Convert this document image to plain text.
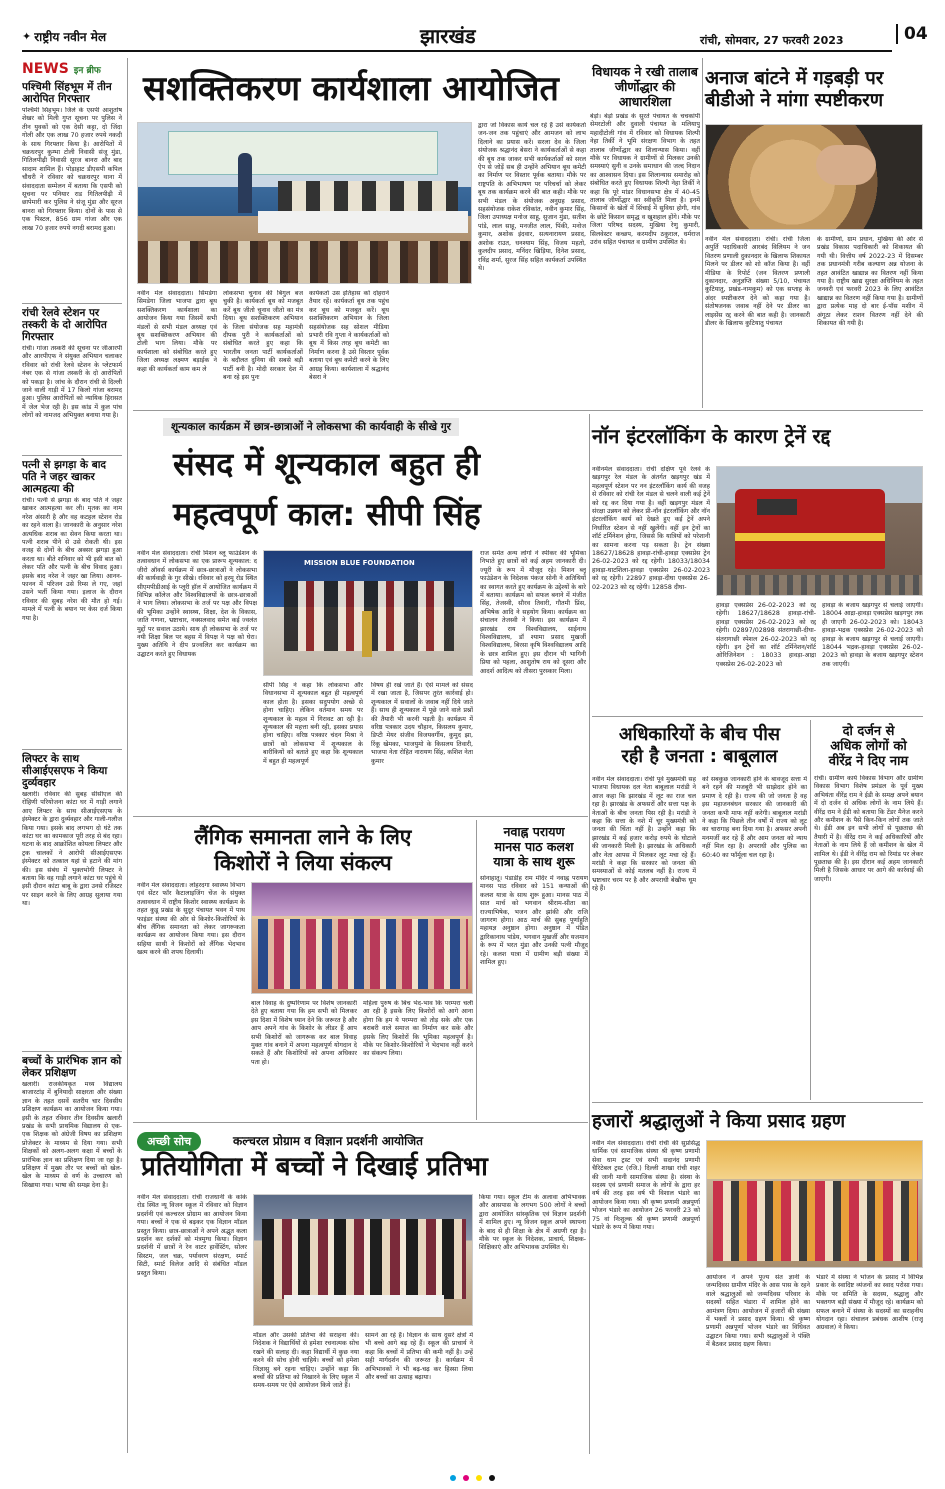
✦ राष्ट्रीय नवीन मेल	झारखंड	रांची, सोमवार, 27 फरवरी 2023	04
NEWS इन ब्रीफ
पश्चिमी सिंहभूम में तीन आरोपित गिरफ्तार
पश्चिमी सिंहभूम। जिले के एसपी आशुतोष शेखर को मिली गुप्त सूचना पर पुलिस ने तीन युवकों को एक देसी कट्टा, दो जिंदा गोली और एक लाख 70 हजार रुपये नकदी के साथ गिरफ्तार किया है। आरोपितों में चक्रधरपुर कुम्भा टोली निवासी संजू मुंडा, गितिलपीढ़ी निवासी सूरज बानरा और बाद सादाम शामिल हैं। पोड़ाहाट डीएसपी कपिल चौधरी ने रविवार को चक्रधरपुर थाना में संवाददाता सम्मेलन में बताया कि एसपी को सूचना पर पनियार राड गितिलपीढ़ी में छापेमारी कर पुलिस ने संजू मुंडा और सूरज बानरा को गिरफ्तार किया। दोनों के पास से एक पिस्टल, 856 ग्राम गांजा और एक लाख 70 हजार रुपये नगदी बरामद हुआ।
रांची रेलवे स्टेशन पर तस्करी के दो आरोपित गिरफ्तार
रांची। गांजा तस्करी की सूचना पर जीआरपी और आरपीएफ ने संयुक्त अभियान चलाकर रविवार को रांची रेलवे स्टेशन के प्लेटफार्म नंबर एक से गांजा तस्करी के दो आरोपितों को पकड़ा है। जांच के दौरान रांची से दिल्ली जाने वाली गाड़ी में 17 किलो गांजा बरामद हुआ। पुलिस आरोपितों को न्यायिक हिरासत में जेल भेज रही है। इस कांड में कुल पांच लोगों को नामजद अभियुक्त बनाया गया है।
पत्नी से झगड़ा के बाद पति ने जहर खाकर आत्महत्या की
रांची। पत्नी से झगड़ा के बाद पति ने जहर खाकर आत्महत्या कर ली। मृतक का नाम नरेश अंसारी है और वह कटहल स्टेशन रोड का रहने वाला है। जानकारी के अनुसार नरेश अत्यधिक शराब का सेवन किया करता था। पत्नी शराब पीने से उसे रोकती थी। इस वजह से दोनों के बीच अक्सर झगड़ा हुआ करता था। बीते शनिवार को भी इसी बात को लेकर पति और पत्नी के बीच विवाद हुआ। इसके बाद नरेश ने जहर खा लिया। आनन-फानन में परिजन उसे रिम्स ले गए, जहां उसने भर्ती किया गया। इलाज के दौरान रविवार की सुबह नरेश की मौत हो गई। मामले में पत्नी के बयान पर केस दर्ज किया गया है।
लिफ्टर के साथ सीआईएसएफ ने किया दुर्व्यवहार
खलारी। रविवार की सुबह सीसीएल की रोहिणी परियोजना कांटा घर में गाड़ी लगाने आए लिफ्टर के साथ सीआईएसएफ के इंस्पेक्टर के द्वारा दुर्व्यवहार और गाली-गलौज किया गया। इसके बाद लगभग दो घंटे तक कांटा घर का कामकाज पूरी तरह से बंद रहा। घटना के बाद आक्रोशित कोयला लिफ्टर और ट्रक चालकों ने आरोपी सीआईएसएफ इंस्पेक्टर को तत्काल यहां से हटाने की मांग की। इस संबंध में भुक्तभोगी लिफ्टर ने बताया कि वह गाड़ी लगाने कांटा घर पहुंचे थे इसी दौरान कांटा बाबू के द्वारा उनसे रजिस्टर पर साइन करने के लिए आग्रह सुलाया गया था।
बच्चों के प्रारंभिक ज्ञान को लेकर प्रशिक्षण
खलारी। राजकीयकृत मध्य विद्यालय बाजारटांड़ में बुनियादी साक्षरता और संख्या ज्ञान के तहत दसवें सतरीय चार दिवसीय प्रशिक्षण कार्यक्रम का आयोजन किया गया। इसी के तहत रविवार तीन दिवसीय खलारी प्रखंड के सभी प्राथमिक विद्यालय से एक-एक शिक्षक को अंग्रेजी विषय का प्रशिक्षण प्रोजेक्टर के माध्यम से दिया गया। सभी शिक्षकों को अलग-अलग कक्षा में बच्चों के प्रारंभिक ज्ञान का प्रशिक्षण दिया जा रहा है। प्रशिक्षण में मुख्य तौर पर बच्चों को खेल-खेल के माध्यम से वर्ण के उच्चारण को सिखाया गया। भाषा की समझ देना है।
सशक्तिकरण कार्यशाला आयोजित
नवीन मेल संवाददाता। सिमडेगा सिमडेगा जिला भाजपा द्वारा बूथ सशक्तिकरण कार्यशाला का आयोजन किया गया जिसमें सभी मंडलों से सभी मंडल अध्यक्ष एवं बूथ सशक्तिकरण अभियान की टोली भाग लिया। मौके पर कार्यशाला को संबोधित करते हुए जिला अध्यक्ष लक्ष्मण बड़ाईक ने कहा की कार्यकर्ता काम कम ले
लोकसभा चुनाव की बिगुल बज चुकी है। कार्यकर्ता बूथ को मजबूत करें बूथ जीतो चुनाव जीतो का मंत्र दिया। बूथ सशक्तिकरण अभियान के जिला संयोजक सह महामंत्री दीपक पुरी ने कार्यकर्ताओं को संबोधित करते हुए कहा कि भारतीय जनता पार्टी कार्यकर्ताओं के बदौलत दुनिया की सबसे बड़ी पार्टी बनी है। मोदी सरकार देश में बना रहे इस पुनः
कार्यकर्ता उस इतिहास को दोहराने तैयार रहें। कार्यकर्ता बूथ तक पहुंच कर बूथ को मजबूत करें। बूथ सशक्तिकरण अभियान के जिला सहसंयोजक सह सोशल मीडिया प्रभारी रवि गुप्ता ने कार्यकर्ताओं को बूथ में किस तरह बूथ कमेटी का निर्माण करना है उसे विस्तार पूर्वक बताया एवं बूथ कमेटी करने के लिए आग्रह किया। कार्यशाला में श्रद्धानंद बेसरा ने
द्वारा जो विकास कार्य चल रहे हैं उसे कार्यकर्ता जन-जन तक पहुंचाएं और आमजन को लाभ दिलाने का प्रयास करें। सरला देव के जिला संयोजक श्रद्धानंद बेसरा ने कार्यकर्ताओं से कहा की बूथ तक जाकर सभी कार्यकर्ताओं को सरल ऐप से जोड़ें सब ही उन्होंने अभियान बूथ कमेटी का निर्माण पर विस्तार पूर्वक बताया। मौके पर राष्ट्रपति के अभिभाषण पर परिचर्चा को लेकर बूथ तक कार्यक्रम करने की बात कही। मौके पर सभी मंडल के संयोजक अनुग्रह प्रसाद, सहसंयोजक राकेश रविकांत, नवीन कुमार सिंह, जिला उपाध्यक्ष मनोज साहू, सुजान मुंडा, सतीश पांडे, लाल साहू, मनजीत लाल, पिंकी, मनोज कुमार, अशोक इंदवार, सत्यनारायण प्रसाद, अशोक राउत, धनश्याम सिंह, विजय महतो, कुलदीप प्रसाद, मनिंदर खिड़िया, दिनेश प्रसाद, रविंद्र शर्मा, सुरज सिंह सहित कार्यकर्ता उपस्थित थे।
विधायक ने रखी तालाब जीर्णोद्धार की आधारशिला
बेड़ो। बेड़ो प्रखंड के सुरते पंचायत के चचकांपी सेमरटोली और दुवाली पंचायत के मलियापु महादीटोली गांव में रविवार को विधायक शिल्पी नेहा तिर्की ने भूमि संरक्षण विभाग के तहत तालाब जीर्णोद्धार का शिलान्यास किया। वहीं मौके पर विधायक ने ग्रामीणों से मिलकर उनकी समस्याएं सुनी व उनके समाधान की जल्द निदान का आश्वासन दिया। इस शिलान्यास समारोह को संबोधित करते हुए विधायक शिल्पी नेहा तिर्की ने कहा कि पूरे मांडर विधानसभा क्षेत्र में 40-45 तालाब जीर्णोद्धार का स्वीकृति मिला है। इनमें किसानों के खेतों में सिंचाई में सुविधा होगी, गांव के छोटे किसान समृद्ध व खुशहाल होंगे। मौके पर जिला परिषद सदस्य, मुखिया रेणु कुमारी, सिलवेस्टर कच्छप, करमदीप ठकुराल, धर्मराज उरांव सहित पंचायत व ग्रामीण उपस्थित थे।
अनाज बांटने में गड़बड़ी पर
बीडीओ ने मांगा स्पष्टीकरण
नवीन मेल संवाददाता। रांची। रांची जिला अपुर्ति पदाधिकारी आरबंद विलियम ने जन वितरण प्रणाली दुकानदार के खिलाफ शिकायत मिलने पर डीलर को शो कॉज किया है। वहीं मीडिया के रिपोर्ट (जन वितरण प्रणाली दुकानदार, अनुज्ञप्ति संख्या 5/10, पंचायत कुटियातु, प्रखंड-नामकुम) को एक सप्ताह के अंदर स्पष्टीकरण देने को कहा गया है। संतोषजनक जवाब नहीं देने पर डीलर का लाइसेंस रद्द करने की बात कही है। जानकारी डीलर के खिलाफ कुटियातु पंचायत
के ग्रामीणों, ग्राम प्रधान, मुखिया की ओर से प्रखंड विकास पदाधिकारी को शिकायत की गयी थी। वित्तीय वर्ष 2022-23 में दिसम्बर तक प्रधानमंत्री गरीब कल्याण अन्न योजना के तहत आवंटित खाद्यान्न का वितरण नहीं किया गया है। राष्ट्रीय खाद्य सुरक्षा अधिनियम के तहत जनवरी एवं फरवरी 2023 के लिए आवंटित खाद्यान्न का वितरण नहीं किया गया है। ग्रामीणों द्वारा प्रत्येक माह दो बार ई-पॉस मशीन में अंगूठा लेकर राशन वितरण नहीं देने की शिकायत की गयी है।
शून्यकाल कार्यक्रम में छात्र-छात्राओं ने लोकसभा की कार्यवाही के सीखे गुर
संसद में शून्यकाल बहुत ही
महत्वपूर्ण काल: सीपी सिंह
नवीन मेल संवाददाता। रांची मिशन ब्लू फाउंडेशन के तत्वावधान में लोकसभा का एक प्रारूप शून्यकाल: द जीरो ऑवर्स कार्यक्रम में छात्र-छात्राओं ने लोकसभा की कार्यवाही के गुर सीखे। रविवार को हरमू रोड स्थित सीएमपीडीआई के प्लूरी हॉल में आयोजित कार्यक्रम में विभिन्न कॉलेज और विश्वविद्यालयों के छात्र-छात्राओं ने भाग लिया। लोकसभा के तर्ज पर पक्ष और विपक्ष की भूमिका उन्होंने स्वास्थ्य, शिक्षा, देश के विकास, जाति गणना, भ्रष्टाचार, नक्सलवाद समेत कई ज्वलंत मुद्दों पर सवाल उठाये। साथ ही लोकसभा के तर्ज पर नयी शिक्षा बिल पर बहस में विपक्ष ने पक्ष को घेरा। मुख्य अतिथि ने दीप प्रज्वलित कर कार्यक्रम का उद्घाटन करते हुए विधायक
MISSION BLUE FOUNDATION
सीपी सिंह ने कहा कि लोकसभा और विधानसभा में शून्यकाल बहुत ही महत्वपूर्ण काल होता है। इसका सदुपयोग अच्छे से होना चाहिए। लेकिन वर्तमान समय पर शून्यकाल के महत्व में गिरावट आ रही है। शून्यकाल की महत्ता बनी रही, इसका प्रयास होना चाहिए। वरिष्ठ पत्रकार चंदन मिश्रा ने छात्रों को लोकसभा में शून्यकाल के बारीकियों को बताते हुए कहा कि शून्यकाल में बहुत ही महत्वपूर्ण
विषय ही रखे जाते हैं। ऐसे मामले को संसद में रखा जाता है, जिसपर तुरंत कार्रवाई हो। शून्यकाल में सवालों के जवाब नहीं दिये जाते हैं। साथ ही शून्यकाल में पूछे जाने वाले प्रश्नों की तैयारी भी करनी पड़ती है। कार्यक्रम में वरिष्ठ पत्रकार उदय चौहान, किसलय कुमार, डिप्टी मेयर संजीव विजयवर्गीय, कुमुद झा, रिंकू खेमका, भाजयुमो के किसलय तिवारी, भाजपा नेता रोहित नारायण सिंह, कशिश नेता कुमार
राज समेत अन्य लोगों ने स्पीकर की भूमिका निभाते हुए छात्रों को कई अहम जानकारी दी। ज्यूरी के रूप में मौजूद रहे। मिशन ब्लू फाउंडेशन के निदेशक पंकज सोनी ने अतिथियों का स्वागत करते हुए कार्यक्रम के उद्देश्यों के बारे में बताया। कार्यक्रम को सफल बनाने में मंजीत सिंह, तेजस्वी, सौरव तिवारी, गौतमी प्रिंस, अभिषेक आदि ने सहयोग किया। कार्यक्रम का संचालन तेजस्वी ने किया। इस कार्यक्रम में झारखंड राय विश्वविद्यालय, साईनाथ विश्वविद्यालय, डॉ श्यामा प्रसाद मुखर्जी विश्वविद्यालय, बिरसा कृषि विश्वविद्यालय आदि के छात्र शामिल हुए। इस दौरान भी भागिनी प्रिया को पहला, आशुतोष राय को दूसरा और आदर्श आदित्य को तीसरा पुरस्कार मिला।
नॉन इंटरलॉकिंग के कारण ट्रेनें रद्द
नवीनमेल संवाददाता। रांची दक्षिण पूर्व रेलवे के खड़गपुर रेल मंडल के अंतर्गत खड़गपुर खंड में महत्वपूर्ण स्टेशन पर नन इंटरलॉकिंग कार्य की वजह से रविवार को रांची रेल मंडल से चलने वाली कई ट्रेनें को रद्द कर दिया गया है। वहीं खड़गपुर मंडल में संरक्षा उन्नयन को लेकर प्री-नॉन इंटरलॉकिंग और नॉन इंटरलॉकिंग कार्य को देखते हुए कई ट्रेनें अपने निर्धारित स्टेशन से नहीं खुलेंगी। वहीं इन ट्रेनों का शॉर्ट टर्मिनेशन होगा, जिससे कि यात्रियों को परेशानी का सामना करना पड़ सकता है। ट्रेन संख्या 18627/18628 हावड़ा-रांची-हावड़ा एक्सप्रेस ट्रेन 26-02-2023 को रद्द रहेगी। 18033/18034 हावड़ा-घाटशिला-हावड़ा एक्सप्रेस 26-02-2023 को रद्द रहेगी। 22897 हावड़ा-दीघा एक्सप्रेस 26-02-2023 को रद्द रहेगी। 12858 दीघा-
हावड़ा एक्सप्रेस 26-02-2023 को रद्द रहेगी। 18627/18628 हावड़ा-रांची-हावड़ा एक्सप्रेस 26-02-2023 को रद्द रहेगी। 02897/02898 संतरागाछी-दीघा-संतरागाछी स्पेशल 26-02-2023 को रद्द रहेगी। इन ट्रेनों का शॉर्ट टर्मिनेशन/शॉर्ट ओरिजिनेशन : 18033 हावड़ा-आद्रा एक्सप्रेस 26-02-2023 को
हावड़ा के बजाय खड़गपुर से चलाई जाएगी। 18004 आद्रा-हावड़ा एक्सप्रेस खड़गपुर तक ही जाएगी 26-02-2023 को। 18043 हावड़ा-भद्रक एक्सप्रेस 26-02-2023 को हावड़ा के बजाय खड़गपुर से चलाई जाएगी। 18044 भद्रक-हावड़ा एक्सप्रेस 26-02-2023 को हावड़ा के बजाय खड़गपुर स्टेशन तक जाएगी।
अधिकारियों के बीच पीस
रही है जनता : बाबूलाल
नवीन मेल संवाददाता। रांची पूर्व मुख्यमंत्री सह भाजपा विधायक दल नेता बाबूलाल मरांडी ने आज कहा कि झारखंड में लूट का राज चल रहा है। झारखंड के अफसरों और सत्ता पक्ष के नेताओं के बीच जनता पिस रही है। मरांडी ने कहा कि सत्ता के नशे में चूर मुख्यमंत्री को जनता की चिंता नहीं है। उन्होंने कहा कि झारखंड में कई हजार करोड़ रुपये के घोटाले की जानकारी मिली है। झारखंड के अधिकारी और नेता आपस में मिलकर लूट मचा रहे हैं। मरांडी ने कहा कि सरकार को जनता की समस्याओं से कोई मतलब नहीं है। राज्य में भ्रष्टाचार चरम पर है और अपराधी बेखौफ घूम रहे हैं।
को सबकुछ जानकारी होने के बावजूद सत्ता में बने रहने की मजबूरी भी साझेदार होने का प्रमाण दे रही है। राज्य की जो जनता है वह इस महाजनबंधन सरकार की जानकारी की जनता कभी माफ नहीं करेगी। बाबूलाल मरांडी ने कहा कि पिछले तीन वर्षों में राज्य को लूट का चारागाह बना दिया गया है। अफसर अपनी मनमर्जी कर रहे हैं और आम जनता को न्याय नहीं मिल रहा है। अपराधी और पुलिस का 60:40 का फॉर्मूला चल रहा है।
दो दर्जन से
अधिक लोगों को
वीरेंद्र ने दिए नाम
रांची। ग्रामीण कार्य विकास विभाग और ग्रामीण विकास विभाग विशेष प्रमंडल के पूर्व मुख्य अभियंता वीरेंद्र राम ने ईडी के समक्ष अपने बयान में दो दर्जन से अधिक लोगों के नाम लिये हैं। वीरेंद्र राम ने ईडी को बताया कि टेंडर मैनेज करने और कमीशन के पैसे किन-किन लोगों तक जाते थे। ईडी अब इन सभी लोगों से पूछताछ की तैयारी में है। वीरेंद्र राम ने कई अधिकारियों और नेताओं के नाम लिये हैं जो कमीशन के खेल में शामिल थे। ईडी ने वीरेंद्र राम को रिमांड पर लेकर पूछताछ की है। इस दौरान कई अहम जानकारी मिली है जिसके आधार पर आगे की कार्रवाई की जाएगी।
लैंगिक समानता लाने के लिए
किशोरों ने लिया संकल्प
नवीन मेल संवाददाता। लोहरदगा स्वास्थ्य विभाग एवं सेंटर फॉर कैटालाइजिंग चेंज के संयुक्त तत्वावधान में राष्ट्रीय किशोर स्वास्थ्य कार्यक्रम के तहत कुडू प्रखंड के सुदूर पंचायत भवन में पाथ फाइंडर संस्था की ओर से किशोर-किशोरियों के बीच लैंगिक समानता को लेकर जागरूकता कार्यक्रम का आयोजन किया गया। इस दौरान सहिया साथी ने किशोरों को लैंगिक भेदभाव खत्म करने की शपथ दिलायी।
बाल विवाह के दुष्परिणाम पर विशेष जानकारी देते हुए बताया गया कि हम सभी को मिलकर इस दिशा में विशेष ध्यान देने कि जरूरत है और आप अपने गांव के किशोर के लीडर हैं आप सभी किशोरों को जागरूक कर बाल विवाह मुक्त गांव बनाने में अपना महत्वपूर्ण योगदान दे सकते हैं और किशोरियों को अपना अधिकार पता हो।
महिला पुरुष के बिच भेद-भाव कि परम्परा चली आ रही है इसके लिए किशोरों को आगे आना होगा कि हम ये परम्परा को तोड़ सके और एक बराबरी वाले समाज का निर्माण कर सके और इसके लिए किशोरों कि भूमिका महत्वपूर्ण है। मौके पर किशोर-किशोरियों ने भेदभाव नहीं करने का संकल्प लिया।
नवाह्न परायण
मानस पाठ कलश
यात्रा के साथ शुरू
सोनाहातू। पंडाडीह राम मंदिर में नवाह्न परायण मानस पाठ रविवार को 151 कन्याओं की कलश यात्रा के साथ शुरू हुआ। मानस पाठ में सात मार्च को भगवान श्रीराम-सीता का राज्याभिषेक, भजन और झांकी और राजि जागरण होगा। आठ मार्च की सुबह पूर्णाहुति महायज्ञ अनुष्ठान होगा। अनुष्ठान में पंडित द्वारिकानाथ पांडेय, भगवान मुखर्जी और यजमान के रूप में भरत मुंडा और उनकी पत्नी मौजूद रहे। कलश यात्रा में ग्रामीण बड़ी संख्या में शामिल हुए।
अच्छी सोच	कल्चरल प्रोग्राम व विज्ञान प्रदर्शनी आयोजित
प्रतियोगिता में बच्चों ने दिखाई प्रतिभा
नवीन मेल संवाददाता। रांची राजधानी के कांके रोड स्थित न्यू विजन स्कूल में रविवार को विज्ञान प्रदर्शनी एवं कल्चरल प्रोग्राम का आयोजन किया गया। बच्चों ने एक से बढ़कर एक विज्ञान मॉडल प्रस्तुत किया। छात्र-छात्राओं ने अपने अद्भुत कला प्रदर्शन कर दर्शकों को मंत्रमुग्ध किया। विज्ञान प्रदर्शनी में छात्रों ने रेन वाटर हार्वेस्टिंग, सोलर सिस्टम, जल चक्र, पर्यावरण संरक्षण, स्मार्ट सिटी, स्मार्ट विलेज आदि से संबंधित मॉडल प्रस्तुत किया।
मॉडल और उसकी प्रतिभा की सराहना की। निदेशक ने विद्यार्थियों से हमेशा रचनात्मक सोच रखने की सलाह दी। कहा विद्यार्थी में कुछ नया करने की सोच होनी चाहिये। बच्चों को हमेशा जिज्ञासु बने रहना चाहिए। उन्होंने कहा कि बच्चों की प्रतिभा को निखारने के लिए स्कूल में समय-समय पर ऐसे आयोजन किये जाते हैं।
सामने आ रहे हैं। विज्ञान के साथ दूसरे क्षेत्रों में भी बच्चे आगे बढ़ रहे हैं। स्कूल की प्राचार्य ने कहा कि बच्चों में प्रतिभा की कमी नहीं है। उन्हें सही मार्गदर्शन की जरूरत है। कार्यक्रम में अभिभावकों ने भी बढ़-चढ़ कर हिस्सा लिया और बच्चों का उत्साह बढ़ाया।
किया गया। स्कूल टीम के अलावा अभिभावक और आसपास के लगभग 500 लोगों ने बच्चों द्वारा आयोजित सांस्कृतिक एवं विज्ञान प्रदर्शनी में शामिल हुए। न्यू विजन स्कूल अपने स्थापना के बाद से ही शिक्षा के क्षेत्र में अग्रणी रहा है। मौके पर स्कूल के निदेशक, प्राचार्य, शिक्षक-शिक्षिकाएं और अभिभावक उपस्थित थे।
हजारों श्रद्धालुओं ने किया प्रसाद ग्रहण
नवीन मेल संवाददाता। रांची रांची की सुप्रसिद्ध धार्मिक एवं सामाजिक संस्था श्री कृष्ण प्रणामी सेवा धाम ट्रस्ट एवं सभी सदानंद प्रणामी चैरिटेबल ट्रस्ट (रजि.) दिल्ली शाखा रांची शहर की जानी मानी सामाजिक संस्था है। संस्था के सदस्य एवं प्रणामी समाज के लोगों के द्वारा हर वर्ष की तरह इस वर्ष भी विशाल भंडारे का आयोजन किया गया। श्री कृष्ण प्रणामी अन्नपूर्णा भोजन भंडारे का आयोजन 26 फरवरी 23 को 75 वां निःशुल्क श्री कृष्ण प्रणामी अन्नपूर्णा भंडारे के रूप में किया गया।
आयोजन ने अपने पूज्य संत ज्ञानी के जन्मदिवस ग्रामीण मंदिर के आस पास के रहने वाले श्रद्धालुओं को जन्मदिवस परिवार के सदस्यों सहित भंडारा में शामिल होने का आमंत्रण दिया। आयोजन में हजारों की संख्या में भक्तों ने प्रसाद ग्रहण किया। श्री कृष्ण प्रणामी अन्नपूर्णा भोजन भंडारे का विधिवत उद्घाटन किया गया। सभी श्रद्धालुओं ने पंक्ति में बैठकर प्रसाद ग्रहण किया।
भंडारे में संस्था ने भोजन के प्रसाद में विभिन्न प्रकार के स्वादिष्ट व्यंजनों का स्वाद परोसा गया। मौके पर समिति के सदस्य, श्रद्धालु और भक्तगण बड़ी संख्या में मौजूद रहे। कार्यक्रम को सफल बनाने में संस्था के सदस्यों का सराहनीय योगदान रहा। संचालन प्रबंधक आशीष (राजू अग्रवाल) ने किया।
